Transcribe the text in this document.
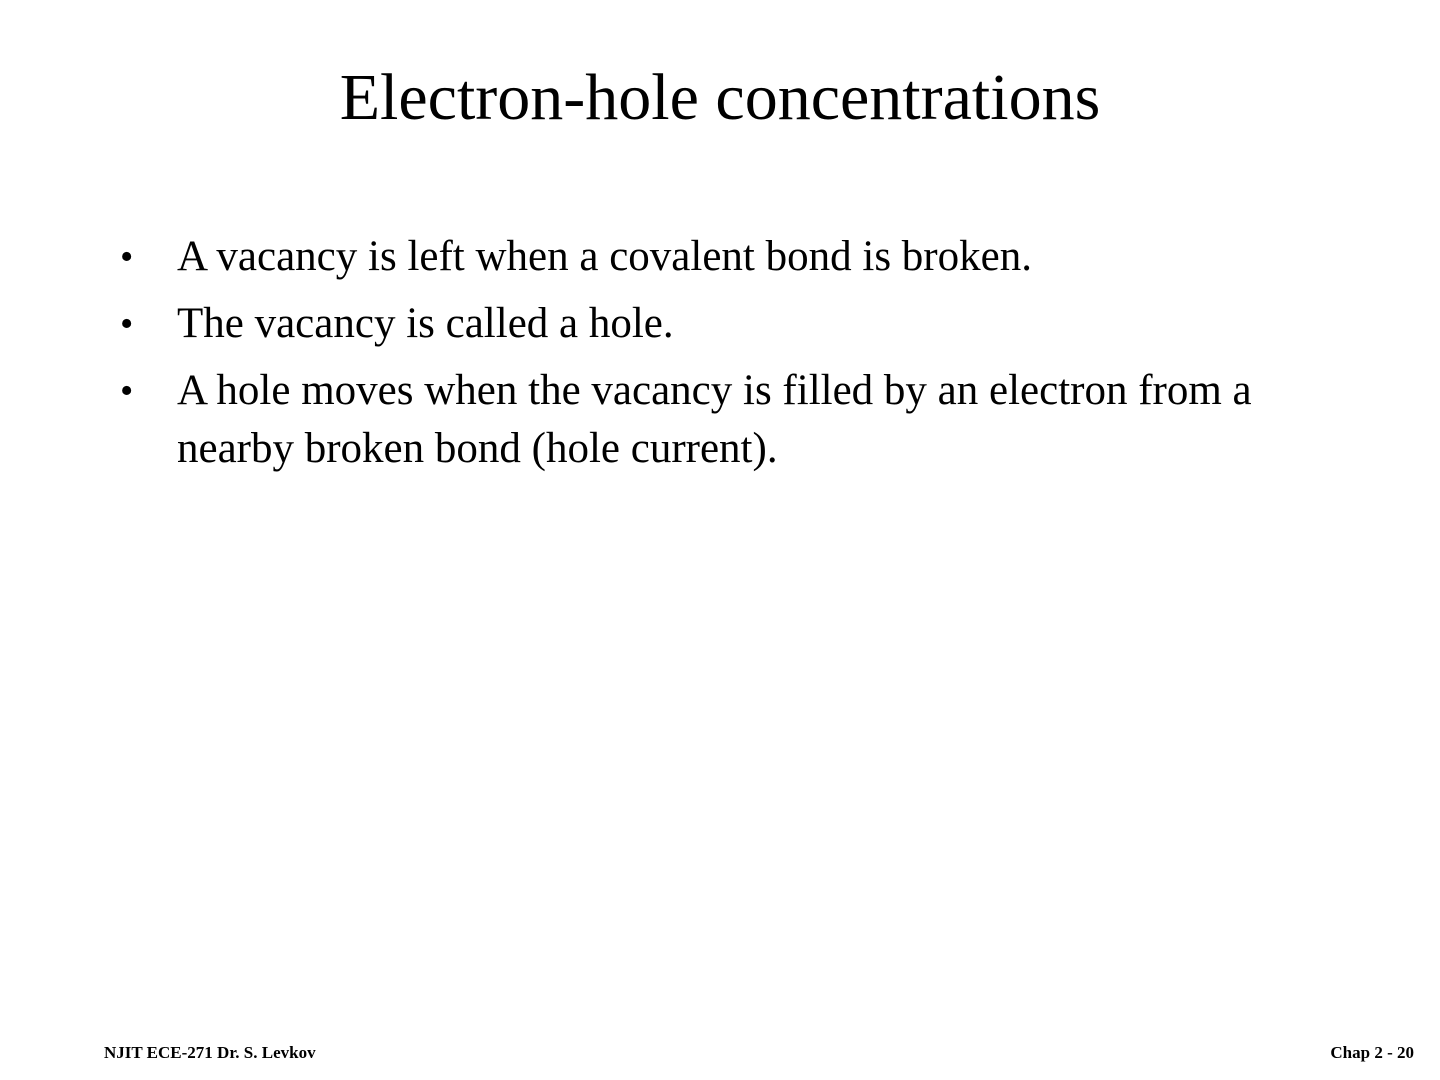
Electron-hole concentrations
• A vacancy is left when a covalent bond is broken.
• The vacancy is called a hole.
• A hole moves when the vacancy is filled by an electron from a nearby broken bond (hole current).
NJIT ECE-271 Dr. S. Levkov	Chap 2 - 20
